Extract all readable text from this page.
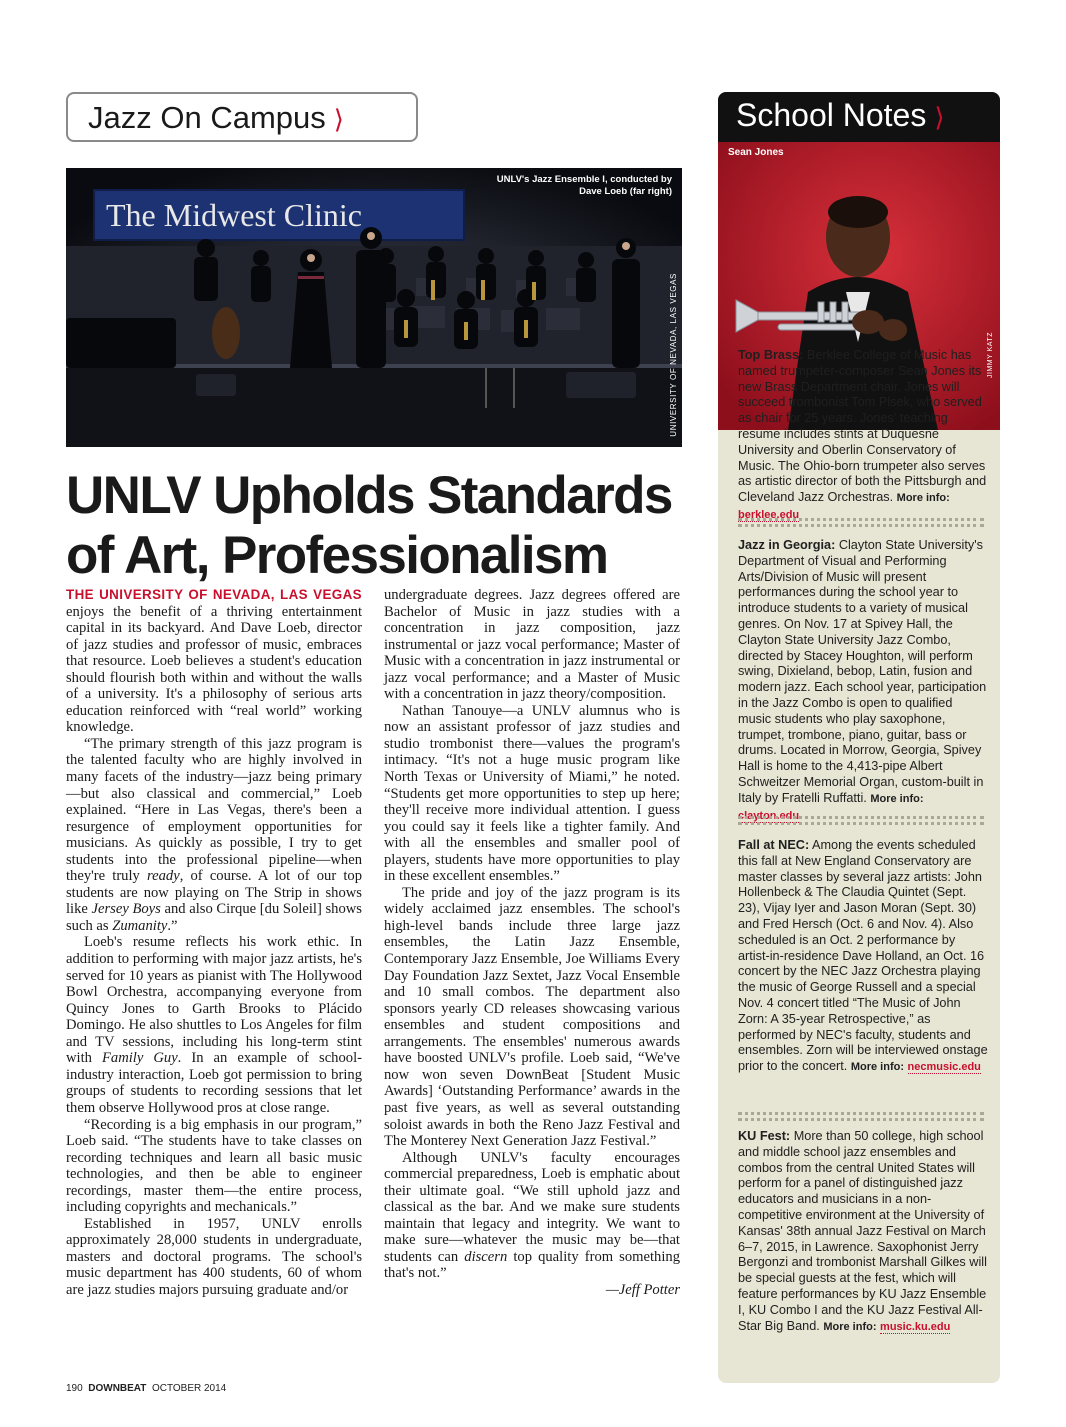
Jazz On Campus ⟩
The Midwest Clinic
UNLV's Jazz Ensemble I, conducted by Dave Loeb (far right)
UNIVERSITY OF NEVADA, LAS VEGAS
UNLV Upholds Standards of Art, Professionalism

THE UNIVERSITY OF NEVADA, LAS VEGAS enjoys the benefit of a thriving entertainment capital in its backyard. And Dave Loeb, director of jazz studies and professor of music, embraces that resource. Loeb believes a student's education should flourish both within and without the walls of a university. It's a philosophy of serious arts education reinforced with “real world” working knowledge.

“The primary strength of this jazz program is the talented faculty who are highly involved in many facets of the industry—jazz being primary—but also classical and commercial,” Loeb explained. “Here in Las Vegas, there's been a resurgence of employment opportunities for musicians. As quickly as possible, I try to get students into the professional pipeline—when they're truly ready, of course. A lot of our top students are now playing on The Strip in shows like Jersey Boys and also Cirque [du Soleil] shows such as Zumanity.”

Loeb's resume reflects his work ethic. In addition to performing with major jazz artists, he's served for 10 years as pianist with The Hollywood Bowl Orchestra, accompanying everyone from Quincy Jones to Garth Brooks to Plácido Domingo. He also shuttles to Los Angeles for film and TV sessions, including his long-term stint with Family Guy. In an example of school-industry interaction, Loeb got permission to bring groups of students to recording sessions that let them observe Hollywood pros at close range.

“Recording is a big emphasis in our program,” Loeb said. “The students have to take classes on recording techniques and learn all basic music technologies, and then be able to engineer recordings, master them—the entire process, including copyrights and mechanicals.”

Established in 1957, UNLV enrolls approximately 28,000 students in undergraduate, masters and doctoral programs. The school's music department has 400 students, 60 of whom are jazz studies majors pursuing graduate and/or

undergraduate degrees. Jazz degrees offered are Bachelor of Music in jazz studies with a concentration in jazz composition, jazz instrumental or jazz vocal performance; Master of Music with a concentration in jazz instrumental or jazz vocal performance; and a Master of Music with a concentration in jazz theory/composition.

Nathan Tanouye—a UNLV alumnus who is now an assistant professor of jazz studies and studio trombonist there—values the program's intimacy. “It's not a huge music program like North Texas or University of Miami,” he noted. “Students get more opportunities to step up here; they'll receive more individual attention. I guess you could say it feels like a tighter family. And with all the ensembles and smaller pool of players, students have more opportunities to play in these excellent ensembles.”

The pride and joy of the jazz program is its widely acclaimed jazz ensembles. The school's high-level bands include three large jazz ensembles, the Latin Jazz Ensemble, Contemporary Jazz Ensemble, Joe Williams Every Day Foundation Jazz Sextet, Jazz Vocal Ensemble and 10 small combos. The department also sponsors yearly CD releases showcasing various ensembles and student compositions and arrangements. The ensembles' numerous awards have boosted UNLV's profile. Loeb said, “We've now won seven DownBeat [Student Music Awards] ‘Outstanding Performance’ awards in the past five years, as well as several outstanding soloist awards in both the Reno Jazz Festival and The Monterey Next Generation Jazz Festival.”

Although UNLV's faculty encourages commercial preparedness, Loeb is emphatic about their ultimate goal. “We still uphold jazz and classical as the bar. And we make sure students maintain that legacy and integrity. We want to make sure—whatever the music may be—that students can discern top quality from something that's not.”

—Jeff Potter
School Notes ⟩
Sean Jones
JIMMY KATZ
Top Brass: Berklee College of Music has named trumpeter-composer Sean Jones its new Brass Department chair. Jones will succeed trombonist Tom Plsek, who served as chair for 25 years. Jones' teaching resume includes stints at Duquesne University and Oberlin Conservatory of Music. The Ohio-born trumpeter also serves as artistic director of both the Pittsburgh and Cleveland Jazz Orchestras. More info: berklee.edu
Jazz in Georgia: Clayton State University's Department of Visual and Performing Arts/Division of Music will present performances during the school year to introduce students to a variety of musical genres. On Nov. 17 at Spivey Hall, the Clayton State University Jazz Combo, directed by Stacey Houghton, will perform swing, Dixieland, bebop, Latin, fusion and modern jazz. Each school year, participation in the Jazz Combo is open to qualified music students who play saxophone, trumpet, trombone, piano, guitar, bass or drums. Located in Morrow, Georgia, Spivey Hall is home to the 4,413-pipe Albert Schweitzer Memorial Organ, custom-built in Italy by Fratelli Ruffatti. More info: clayton.edu
Fall at NEC: Among the events scheduled this fall at New England Conservatory are master classes by several jazz artists: John Hollenbeck & The Claudia Quintet (Sept. 23), Vijay Iyer and Jason Moran (Sept. 30) and Fred Hersch (Oct. 6 and Nov. 4). Also scheduled is an Oct. 2 performance by artist-in-residence Dave Holland, an Oct. 16 concert by the NEC Jazz Orchestra playing the music of George Russell and a special Nov. 4 concert titled “The Music of John Zorn: A 35-year Retrospective,” as performed by NEC's faculty, students and ensembles. Zorn will be interviewed onstage prior to the concert. More info: necmusic.edu
KU Fest: More than 50 college, high school and middle school jazz ensembles and combos from the central United States will perform for a panel of distinguished jazz educators and musicians in a non-competitive environment at the University of Kansas' 38th annual Jazz Festival on March 6–7, 2015, in Lawrence. Saxophonist Jerry Bergonzi and trombonist Marshall Gilkes will be special guests at the fest, which will feature performances by KU Jazz Ensemble I, KU Combo I and the KU Jazz Festival All-Star Big Band. More info: music.ku.edu
190 DOWNBEAT OCTOBER 2014
